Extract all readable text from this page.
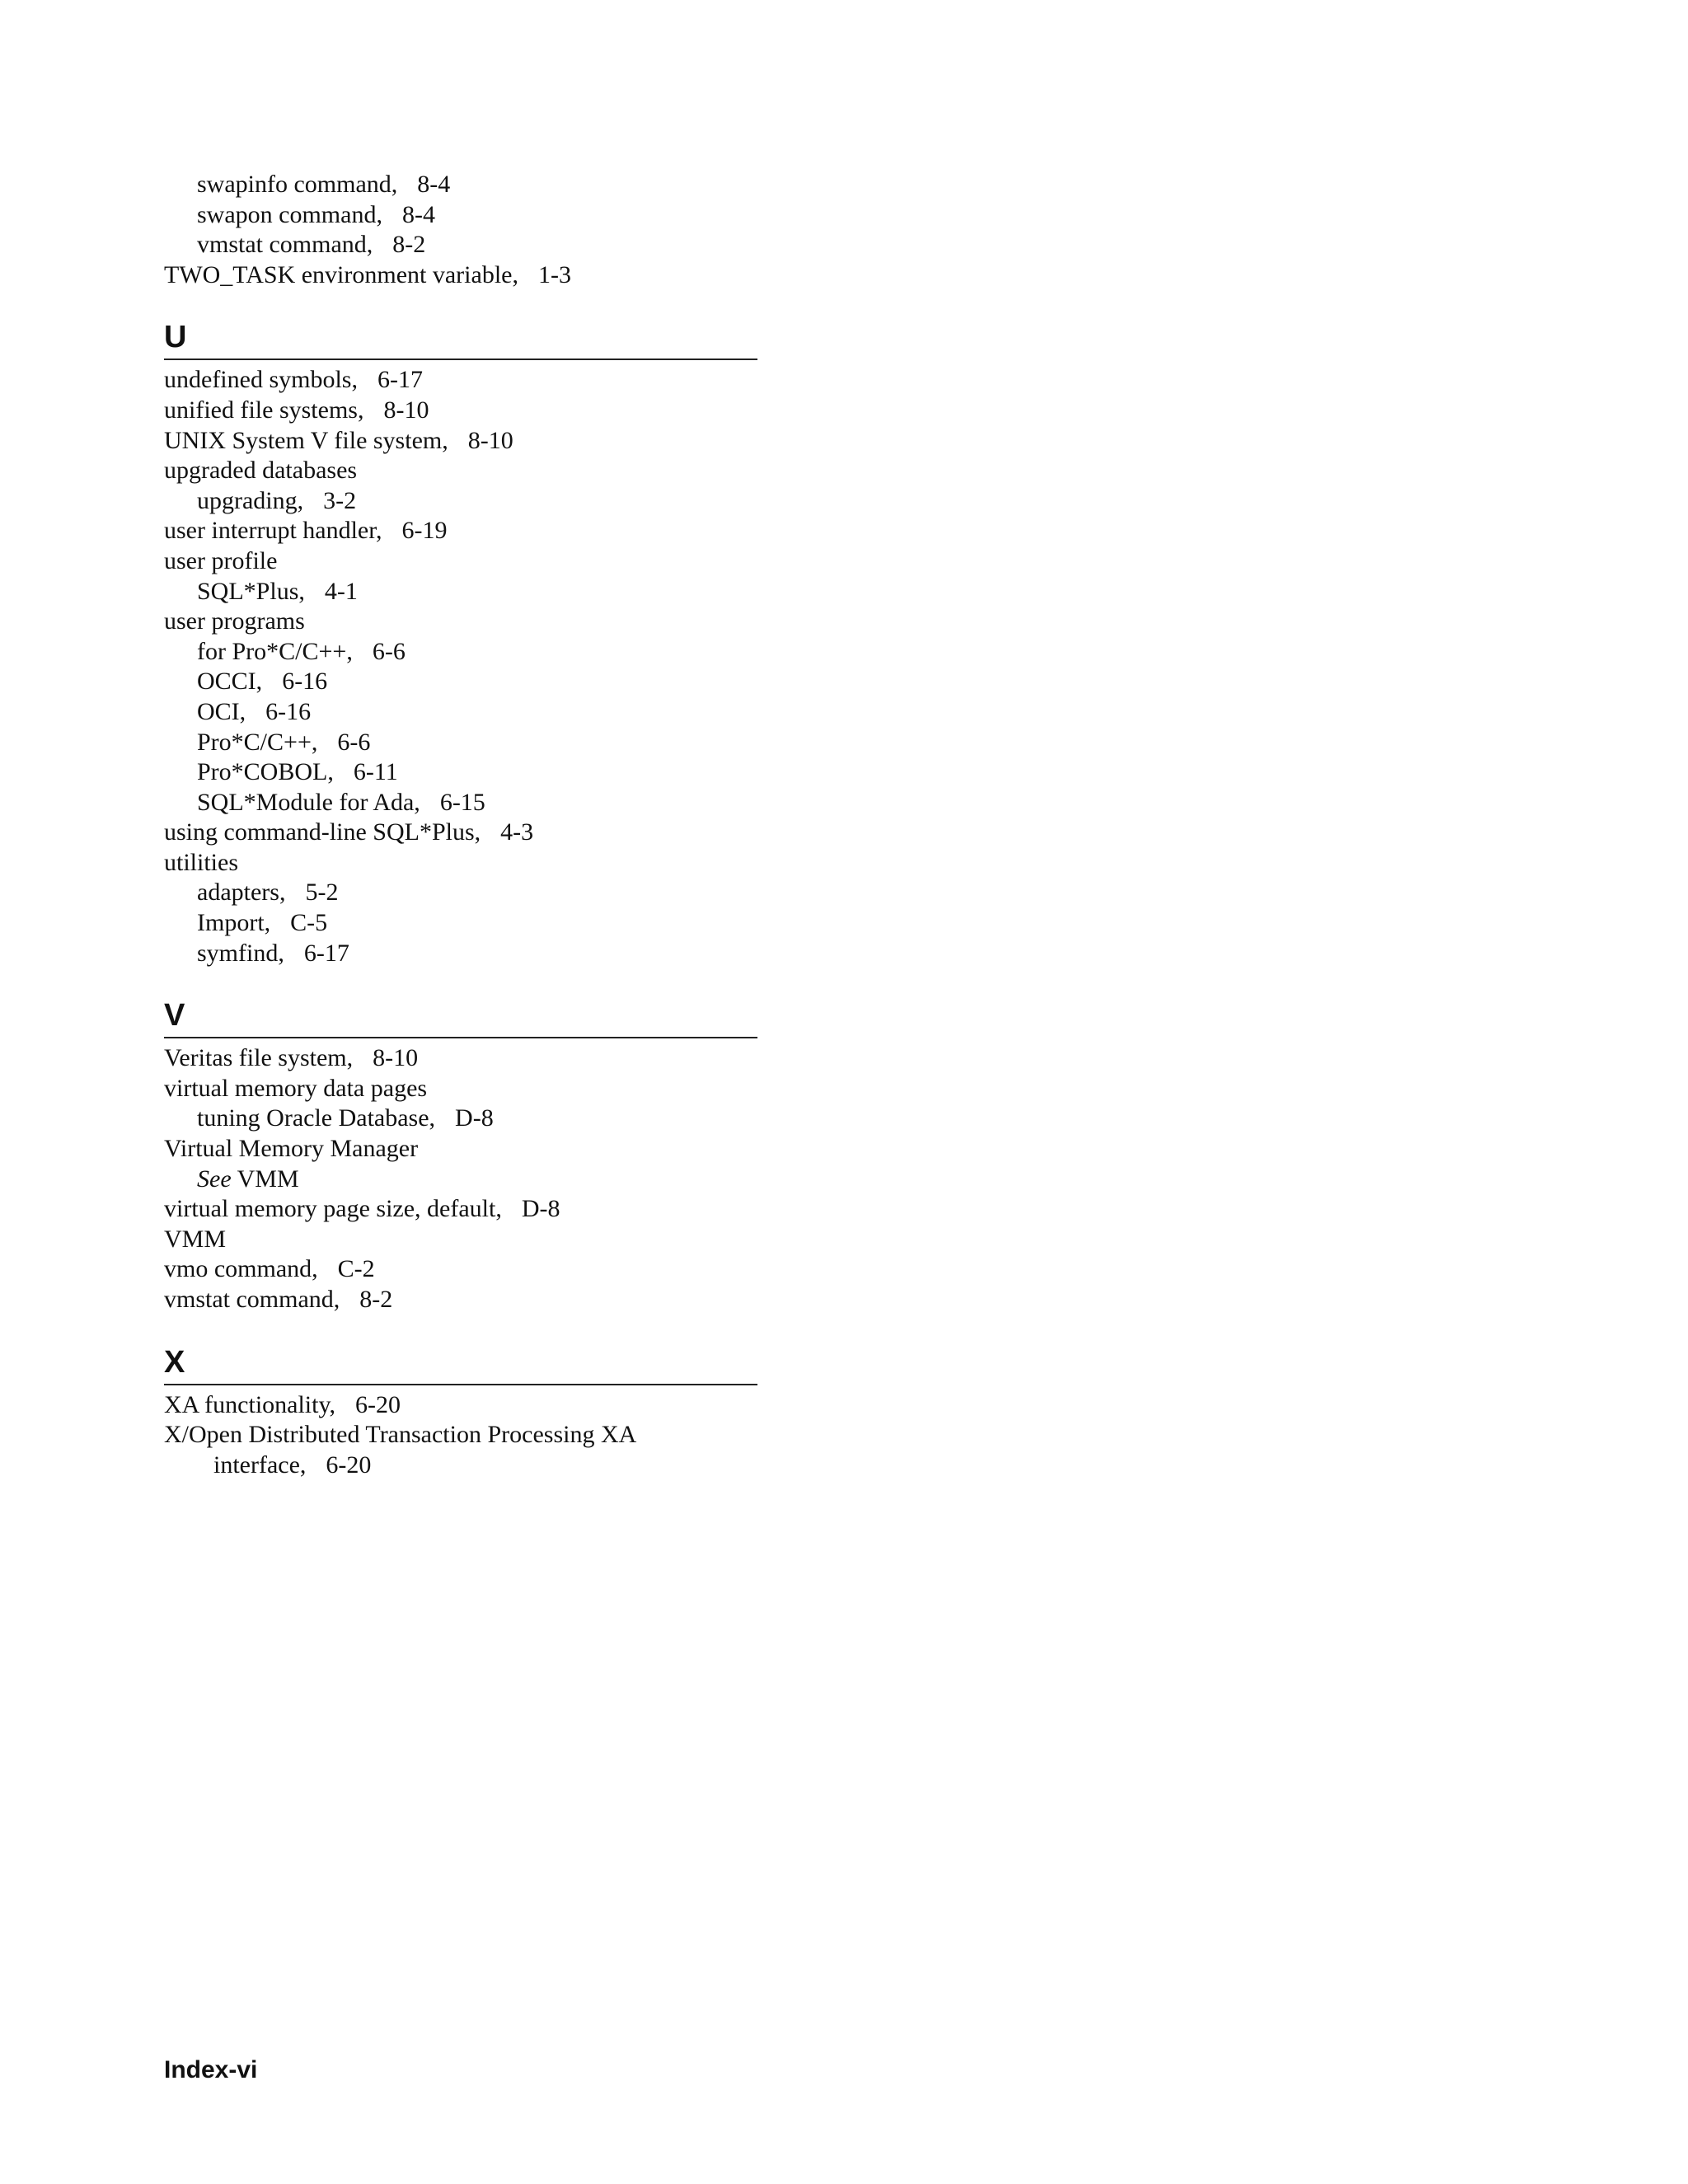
swapinfo command, 8-4
swapon command, 8-4
vmstat command, 8-2
TWO_TASK environment variable, 1-3
U
undefined symbols, 6-17
unified file systems, 8-10
UNIX System V file system, 8-10
upgraded databases
upgrading, 3-2
user interrupt handler, 6-19
user profile
SQL*Plus, 4-1
user programs
for Pro*C/C++, 6-6
OCCI, 6-16
OCI, 6-16
Pro*C/C++, 6-6
Pro*COBOL, 6-11
SQL*Module for Ada, 6-15
using command-line SQL*Plus, 4-3
utilities
adapters, 5-2
Import, C-5
symfind, 6-17
V
Veritas file system, 8-10
virtual memory data pages
tuning Oracle Database, D-8
Virtual Memory Manager
See VMM
virtual memory page size, default, D-8
VMM
vmo command, C-2
vmstat command, 8-2
X
XA functionality, 6-20
X/Open Distributed Transaction Processing XA
interface, 6-20
Index-vi
